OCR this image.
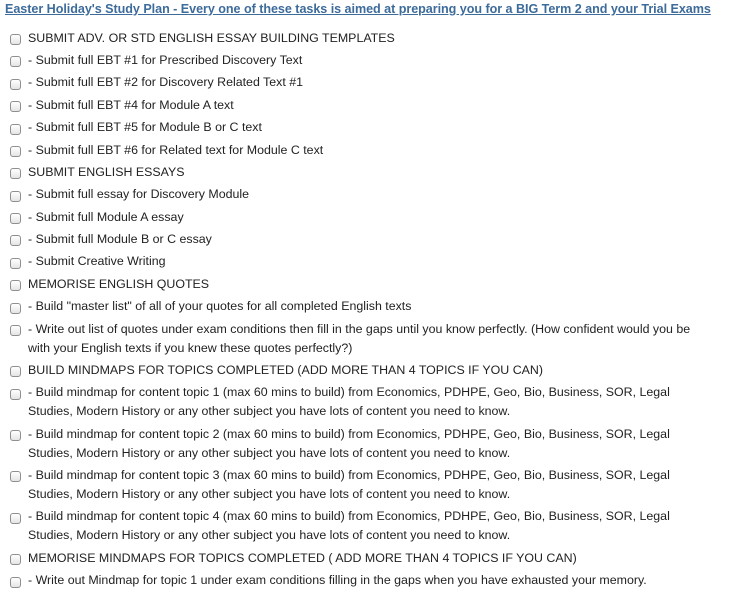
Easter Holiday's Study Plan - Every one of these tasks is aimed at preparing you for a BIG Term 2 and your Trial Exams
SUBMIT ADV. OR STD ENGLISH ESSAY BUILDING TEMPLATES
- Submit full EBT #1 for Prescribed Discovery Text
- Submit full EBT #2 for Discovery Related Text #1
- Submit full EBT #4 for Module A text
- Submit full EBT #5 for Module B or C text
- Submit full EBT #6 for Related text for Module C text
SUBMIT ENGLISH ESSAYS
- Submit full essay for Discovery Module
- Submit full Module A essay
- Submit full Module B or C essay
- Submit Creative Writing
MEMORISE ENGLISH QUOTES
- Build "master list" of all of your quotes for all completed English texts
- Write out list of quotes under exam conditions then fill in the gaps until you know perfectly. (How confident would you be with your English texts if you knew these quotes perfectly?)
BUILD MINDMAPS FOR TOPICS COMPLETED (ADD MORE THAN 4 TOPICS IF YOU CAN)
- Build mindmap for content topic 1 (max 60 mins to build) from Economics, PDHPE, Geo, Bio, Business, SOR, Legal Studies, Modern History or any other subject you have lots of content you need to know.
- Build mindmap for content topic 2 (max 60 mins to build) from Economics, PDHPE, Geo, Bio, Business, SOR, Legal Studies, Modern History or any other subject you have lots of content you need to know.
- Build mindmap for content topic 3 (max 60 mins to build) from Economics, PDHPE, Geo, Bio, Business, SOR, Legal Studies, Modern History or any other subject you have lots of content you need to know.
- Build mindmap for content topic 4 (max 60 mins to build) from Economics, PDHPE, Geo, Bio, Business, SOR, Legal Studies, Modern History or any other subject you have lots of content you need to know.
MEMORISE MINDMAPS FOR TOPICS COMPLETED ( ADD MORE THAN 4 TOPICS IF YOU CAN)
- Write out Mindmap for topic 1 under exam conditions filling in the gaps when you have exhausted your memory.
